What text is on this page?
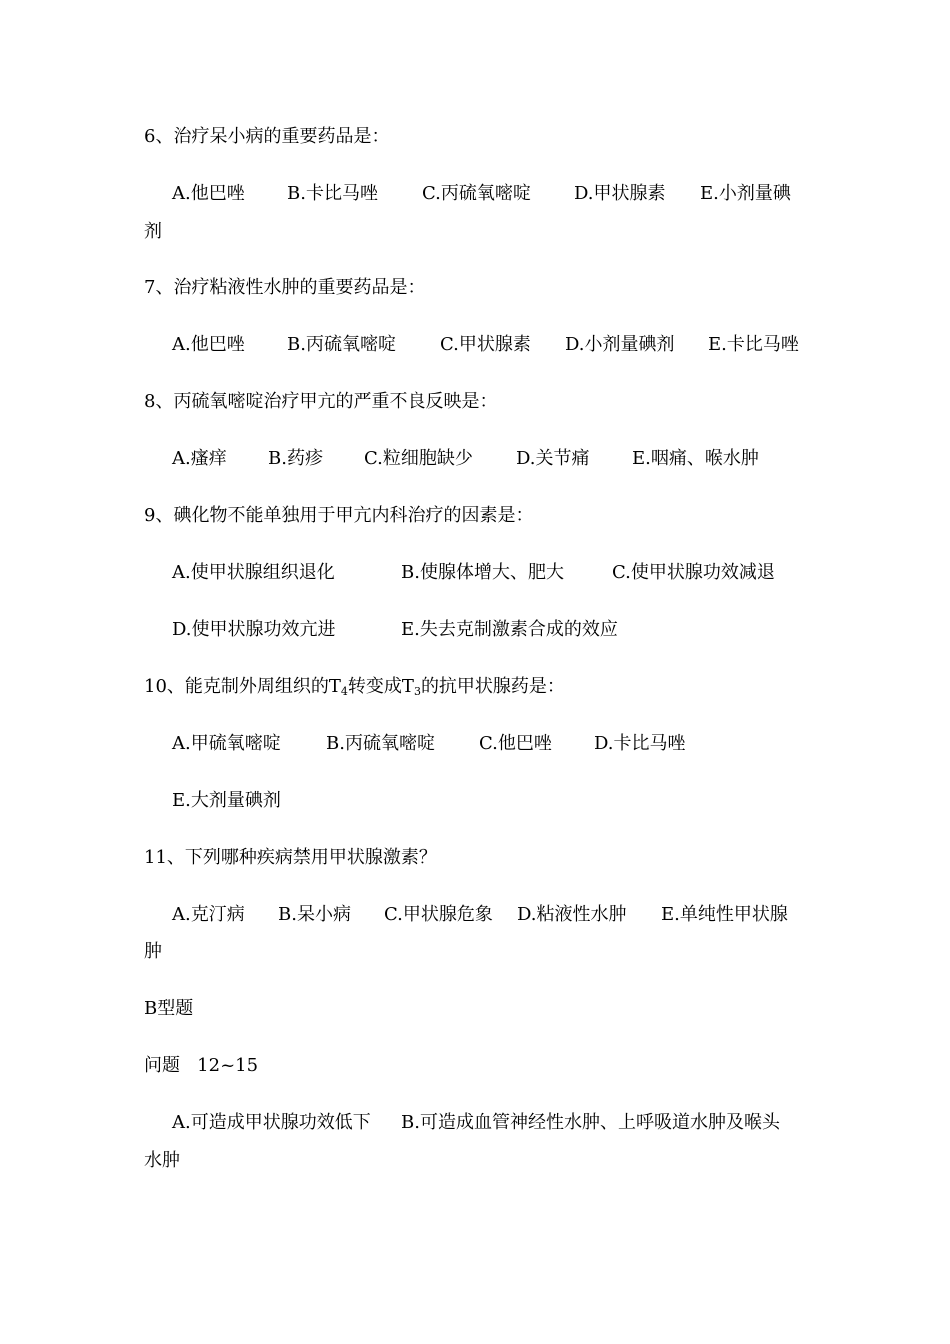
6、治疗呆小病的重要药品是：
A.他巴唑 B.卡比马唑 C.丙硫氧嘧啶 D.甲状腺素 E.小剂量碘
剂
7、治疗粘液性水肿的重要药品是：
A.他巴唑 B.丙硫氧嘧啶 C.甲状腺素 D.小剂量碘剂 E.卡比马唑
8、丙硫氧嘧啶治疗甲亢的严重不良反映是：
A.瘙痒 B.药疹 C.粒细胞缺少 D.关节痛 E.咽痛、喉水肿
9、碘化物不能单独用于甲亢内科治疗的因素是：
A.使甲状腺组织退化	B.使腺体增大、肥大	C.使甲状腺功效减退
D.使甲状腺功效亢进	E.失去克制激素合成的效应
10、能克制外周组织的$T_4$转变成$T_3$的抗甲状腺药是：
A.甲硫氧嘧啶	B.丙硫氧嘧啶 C.他巴唑 D.卡比马唑
E.大剂量碘剂
11、下列哪种疾病禁用甲状腺激素？
A.克汀病 B.呆小病 C.甲状腺危象 D.粘液性水肿 E.单纯性甲状腺
肿
B型题
问题   12~15
A.可造成甲状腺功效低下 B.可造成血管神经性水肿、上呼吸道水肿及喉头
水肿
